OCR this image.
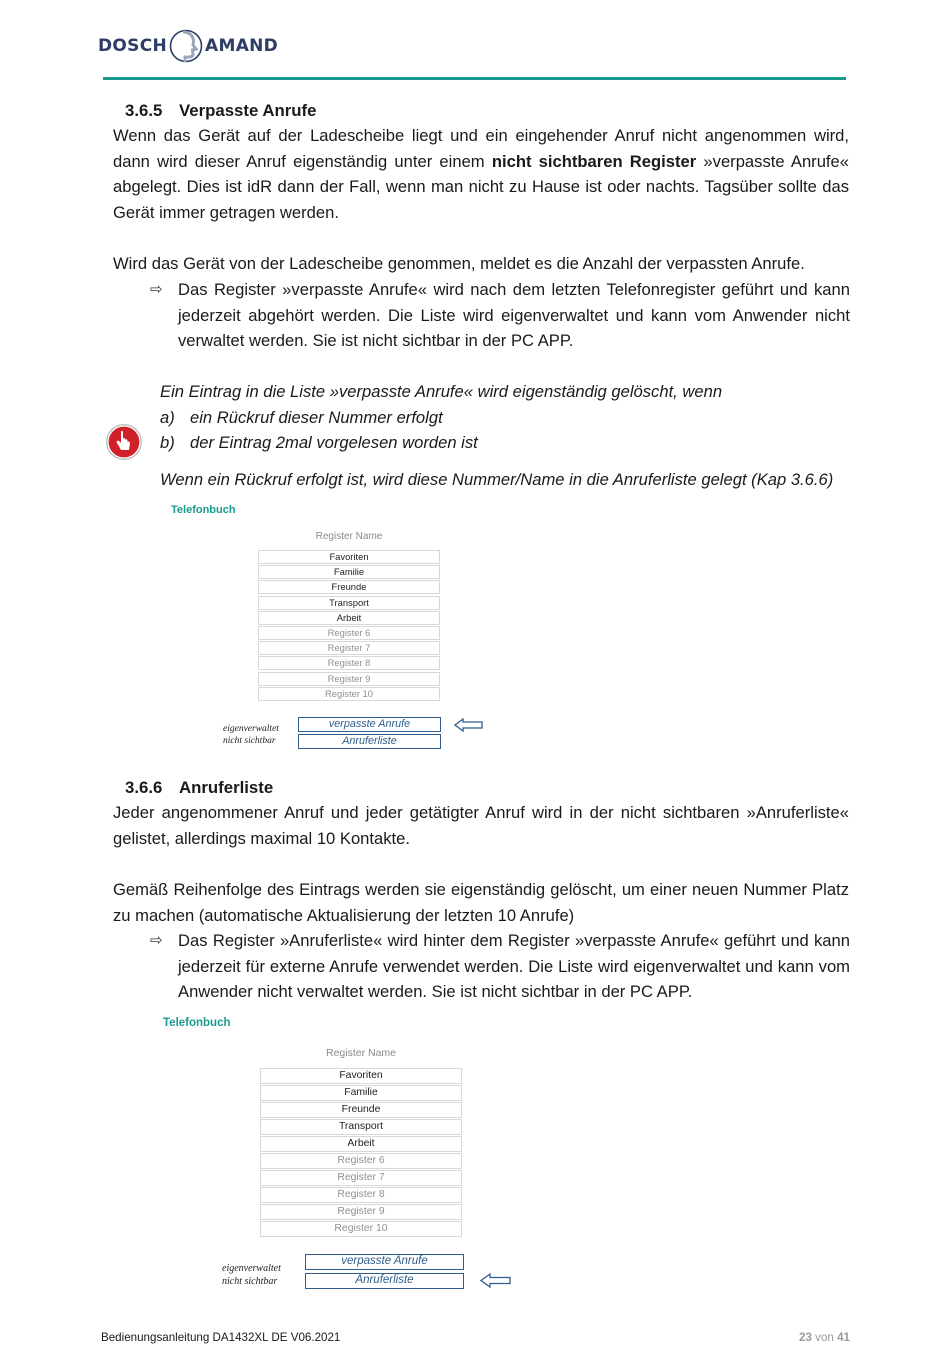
DOSCH AMAND
3.6.5 Verpasste Anrufe
Wenn das Gerät auf der Ladescheibe liegt und ein eingehender Anruf nicht angenommen wird, dann wird dieser Anruf eigenständig unter einem nicht sichtbaren Register »verpasste Anrufe« abgelegt. Dies ist idR dann der Fall, wenn man nicht zu Hause ist oder nachts. Tagsüber sollte das Gerät immer getragen werden.
Wird das Gerät von der Ladescheibe genommen, meldet es die Anzahl der verpassten Anrufe.
⇨ Das Register »verpasste Anrufe« wird nach dem letzten Telefonregister geführt und kann jederzeit abgehört werden. Die Liste wird eigenverwaltet und kann vom Anwender nicht verwaltet werden. Sie ist nicht sichtbar in der PC APP.
Ein Eintrag in die Liste »verpasste Anrufe« wird eigenständig gelöscht, wenn
a) ein Rückruf dieser Nummer erfolgt
b) der Eintrag 2mal vorgelesen worden ist
Wenn ein Rückruf erfolgt ist, wird diese Nummer/Name in die Anruferliste gelegt (Kap 3.6.6)
Telefonbuch
Register Name
Favoriten
Familie
Freunde
Transport
Arbeit
Register 6
Register 7
Register 8
Register 9
Register 10
eigenverwaltet
nicht sichtbar
verpasste Anrufe
Anruferliste
3.6.6 Anruferliste
Jeder angenommener Anruf und jeder getätigter Anruf wird in der nicht sichtbaren »Anruferliste« gelistet, allerdings maximal 10 Kontakte.
Gemäß Reihenfolge des Eintrags werden sie eigenständig gelöscht, um einer neuen Nummer Platz zu machen (automatische Aktualisierung der letzten 10 Anrufe)
⇨ Das Register »Anruferliste« wird hinter dem Register »verpasste Anrufe« geführt und kann jederzeit für externe Anrufe verwendet werden. Die Liste wird eigenverwaltet und kann vom Anwender nicht verwaltet werden. Sie ist nicht sichtbar in der PC APP.
Telefonbuch
Register Name
Favoriten
Familie
Freunde
Transport
Arbeit
Register 6
Register 7
Register 8
Register 9
Register 10
eigenverwaltet
nicht sichtbar
verpasste Anrufe
Anruferliste
Bedienungsanleitung DA1432XL DE V06.2021	23 von 41
